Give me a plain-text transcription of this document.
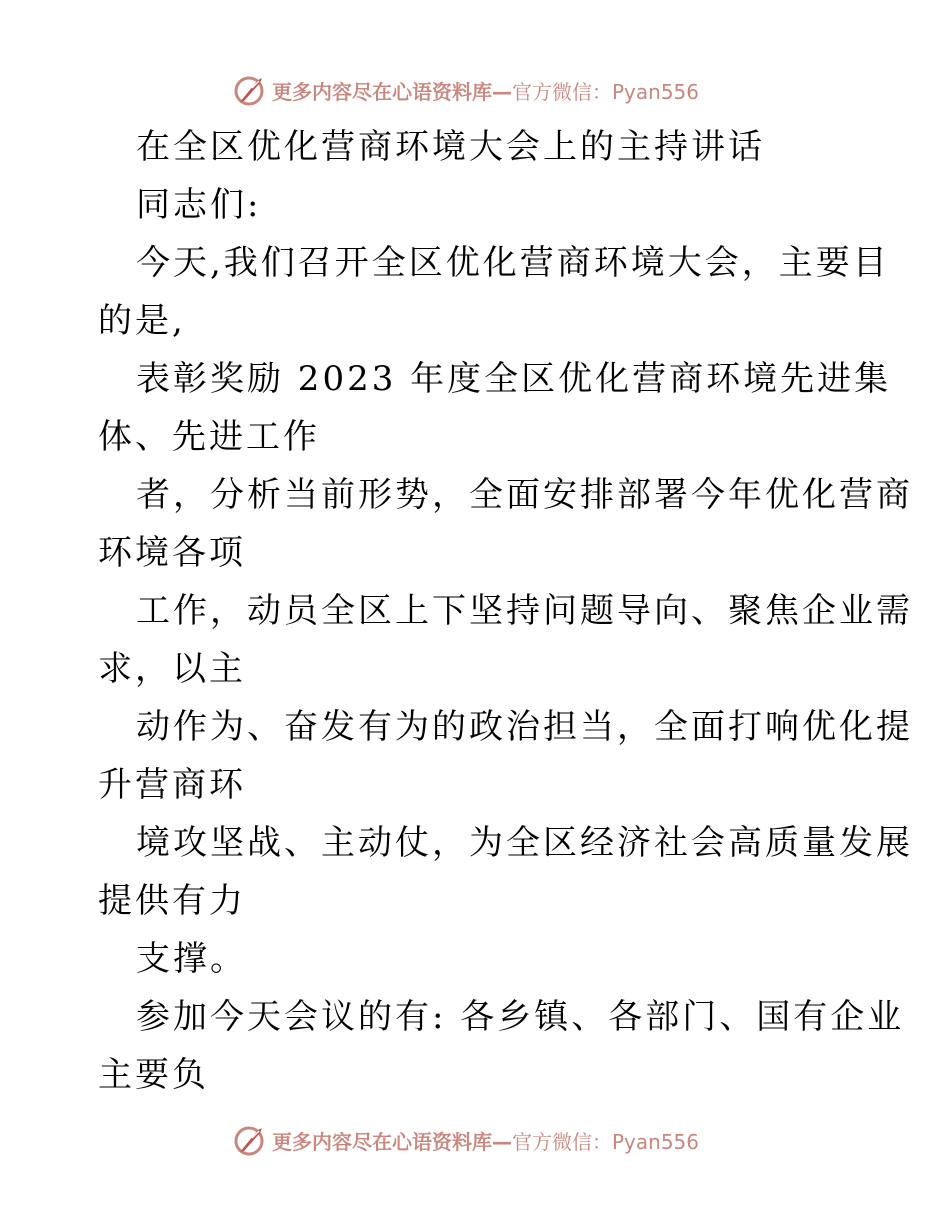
更多内容尽在心语资料库— 官方微信：Pyan556
在全区优化营商环境大会上的主持讲话
同志们:
今天,我们召开全区优化营商环境大会，主要目
的是,
表彰奖励 2023 年度全区优化营商环境先进集
体、先进工作
者，分析当前形势，全面安排部署今年优化营商
环境各项
工作，动员全区上下坚持问题导向、聚焦企业需
求，以主
动作为、奋发有为的政治担当，全面打响优化提
升营商环
境攻坚战、主动仗，为全区经济社会高质量发展
提供有力
支撑。
参加今天会议的有: 各乡镇、各部门、国有企业
主要负
更多内容尽在心语资料库— 官方微信：Pyan556
